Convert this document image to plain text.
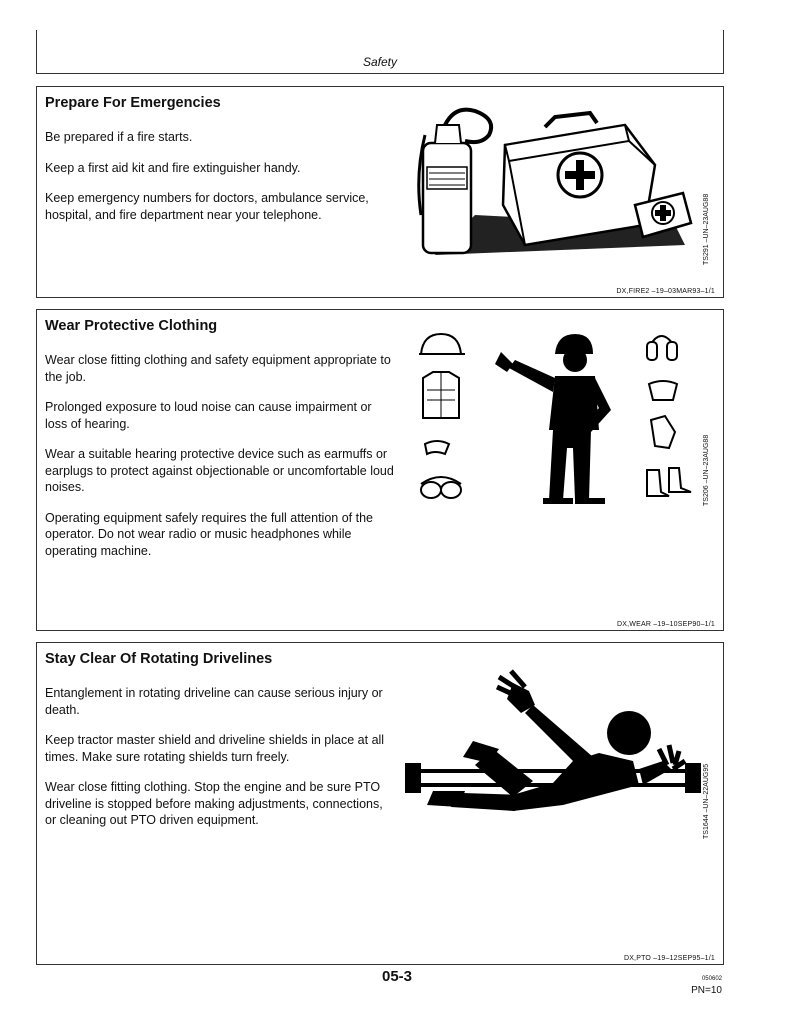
Safety
Prepare For Emergencies

Be prepared if a fire starts.

Keep a first aid kit and fire extinguisher handy.

Keep emergency numbers for doctors, ambulance service, hospital, and fire department near your telephone.	TS291 –UN–23AUG88
DX,FIRE2 –19–03MAR93–1/1
Wear Protective Clothing

Wear close fitting clothing and safety equipment appropriate to the job.

Prolonged exposure to loud noise can cause impairment or loss of hearing.

Wear a suitable hearing protective device such as earmuffs or earplugs to protect against objectionable or uncomfortable loud noises.

Operating equipment safely requires the full attention of the operator. Do not wear radio or music headphones while operating machine.

TS206 –UN–23AUG88
DX,WEAR –19–10SEP90–1/1
Stay Clear Of Rotating Drivelines

Entanglement in rotating driveline can cause serious injury or death.

Keep tractor master shield and driveline shields in place at all times. Make sure rotating shields turn freely.

Wear close fitting clothing. Stop the engine and be sure PTO driveline is stopped before making adjustments, connections, or cleaning out PTO driven equipment.	TS1644 –UN–22AUG95
DX,PTO –19–12SEP95–1/1
05-3	050602
PN=10
